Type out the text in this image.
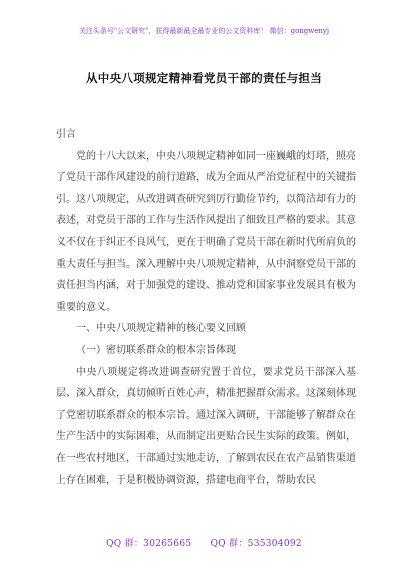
关注头条号"公文研究"，获得最新最全最专业的公文资料库！ 微信：gongwenyj
从中央八项规定精神看党员干部的责任与担当

引言

党的十八大以来，中央八项规定精神如同一座巍峨的灯塔，照亮了党员干部作风建设的前行道路，成为全面从严治党征程中的关键指引。这八项规定，从改进调查研究到厉行勤俭节约，以简洁却有力的表述，对党员干部的工作与生活作风提出了细致且严格的要求。其意义不仅在于纠正不良风气，更在于明确了党员干部在新时代所肩负的重大责任与担当。深入理解中央八项规定精神，从中洞察党员干部的责任担当内涵，对于加强党的建设、推动党和国家事业发展具有极为重要的意义。

一、中央八项规定精神的核心要义回顾

（一）密切联系群众的根本宗旨体现

中央八项规定将改进调查研究置于首位，要求党员干部深入基层、深入群众，真切倾听百姓心声，精准把握群众需求。这深刻体现了党密切联系群众的根本宗旨。通过深入调研，干部能够了解群众在生产生活中的实际困难，从而制定出更贴合民生实际的政策。例如，在一些农村地区，干部通过实地走访，了解到农民在农产品销售渠道上存在困难，于是积极协调资源，搭建电商平台，帮助农民

QQ 群：30265665 QQ 群：535304092
